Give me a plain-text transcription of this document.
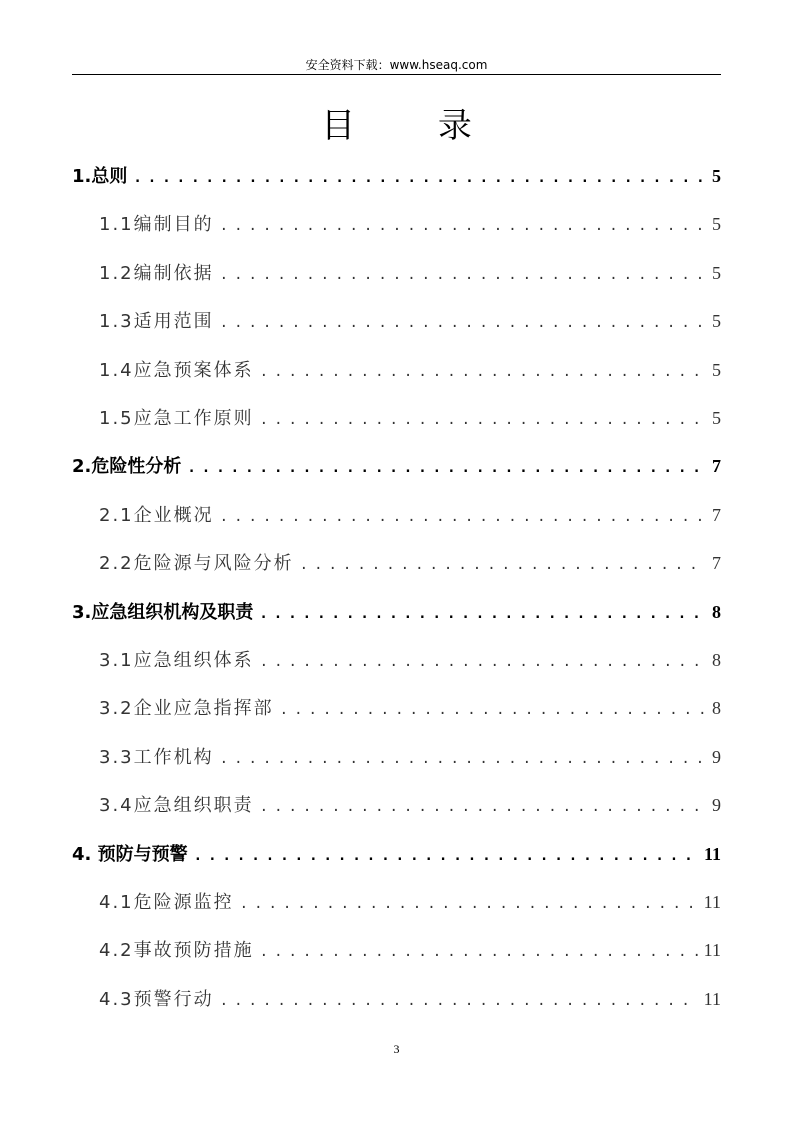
安全资料下载：www.hseaq.com
目 录
1.总则 .....	5
1.1编制目的 .....	5
1.2编制依据 .....	5
1.3适用范围 .....	5
1.4应急预案体系 .....	5
1.5应急工作原则 .....	5
2.危险性分析 .....	7
2.1企业概况 .....	7
2.2危险源与风险分析 .....	7
3.应急组织机构及职责 .....	8
3.1应急组织体系 .....	8
3.2企业应急指挥部 .....	8
3.3工作机构 .....	9
3.4应急组织职责 .....	9
4. 预防与预警 .....	11
4.1危险源监控 .....	11
4.2事故预防措施 .....	11
4.3预警行动 .....	11
3
